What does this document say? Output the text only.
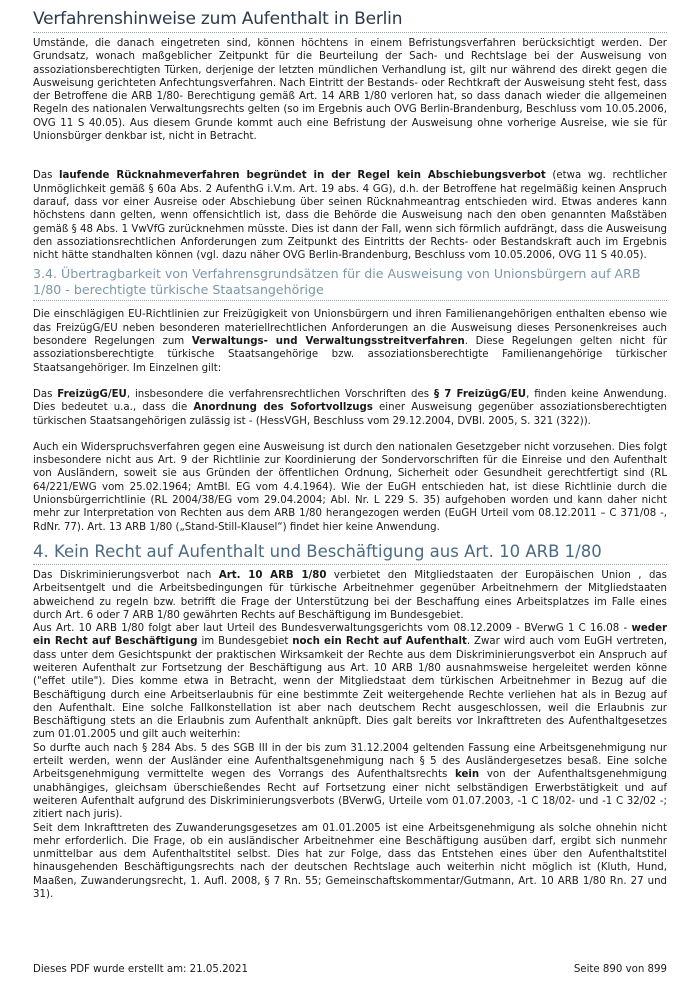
Verfahrenshinweise zum Aufenthalt in Berlin

Umstände, die danach eingetreten sind, können höchtens in einem Befristungsverfahren berücksichtigt werden. Der Grundsatz, wonach maßgeblicher Zeitpunkt für die Beurteilung der Sach- und Rechtslage bei der Ausweisung von assoziationsberechtigten Türken, derjenige der letzten mündlichen Verhandlung ist, gilt nur während des direkt gegen die Ausweisung gerichteten Anfechtungsverfahren. Nach Eintritt der Bestands- oder Rechtkraft der Ausweisung steht fest, dass der Betroffene die ARB 1/80- Berechtigung gemäß Art. 14 ARB 1/80 verloren hat, so dass danach wieder die allgemeinen Regeln des nationalen Verwaltungsrechts gelten (so im Ergebnis auch OVG Berlin-Brandenburg, Beschluss vom 10.05.2006, OVG 11 S 40.05). Aus diesem Grunde kommt auch eine Befristung der Ausweisung ohne vorherige Ausreise, wie sie für Unionsbürger denkbar ist, nicht in Betracht.

Das laufende Rücknahmeverfahren begründet in der Regel kein Abschiebungsverbot (etwa wg. rechtlicher Unmöglichkeit gemäß § 60a Abs. 2 AufenthG i.V.m. Art. 19 abs. 4 GG), d.h. der Betroffene hat regelmäßig keinen Anspruch darauf, dass vor einer Ausreise oder Abschiebung über seinen Rücknahmeantrag entschieden wird. Etwas anderes kann höchstens dann gelten, wenn offensichtlich ist, dass die Behörde die Ausweisung nach den oben genannten Maßstäben gemäß § 48 Abs. 1 VwVfG zurücknehmen müsste. Dies ist dann der Fall, wenn sich förmlich aufdrängt, dass die Ausweisung den assoziationsrechtlichen Anforderungen zum Zeitpunkt des Eintritts der Rechts- oder Bestandskraft auch im Ergebnis nicht hätte standhalten können (vgl. dazu näher OVG Berlin-Brandenburg, Beschluss vom 10.05.2006, OVG 11 S 40.05).

3.4. Übertragbarkeit von Verfahrensgrundsätzen für die Ausweisung von Unionsbürgern auf ARB 1/80 - berechtigte türkische Staatsangehörige

Die einschlägigen EU-Richtlinien zur Freizügigkeit von Unionsbürgern und ihren Familienangehörigen enthalten ebenso wie das FreizügG/EU neben besonderen materiellrechtlichen Anforderungen an die Ausweisung dieses Personenkreises auch besondere Regelungen zum Verwaltungs- und Verwaltungsstreitverfahren. Diese Regelungen gelten nicht für assoziationsberechtigte türkische Staatsangehörige bzw. assoziationsberechtigte Familienangehörige türkischer Staatsangehöriger. Im Einzelnen gilt:

Das FreizügG/EU, insbesondere die verfahrensrechtlichen Vorschriften des § 7 FreizügG/EU, finden keine Anwendung. Dies bedeutet u.a., dass die Anordnung des Sofortvollzugs einer Ausweisung gegenüber assoziationsberechtigten türkischen Staatsangehörigen zulässig ist - (HessVGH, Beschluss vom 29.12.2004, DVBl. 2005, S. 321 (322)).

Auch ein Widerspruchsverfahren gegen eine Ausweisung ist durch den nationalen Gesetzgeber nicht vorzusehen. Dies folgt insbesondere nicht aus Art. 9 der Richtlinie zur Koordinierung der Sondervorschriften für die Einreise und den Aufenthalt von Ausländern, soweit sie aus Gründen der öffentlichen Ordnung, Sicherheit oder Gesundheit gerechtfertigt sind (RL 64/221/EWG vom 25.02.1964; AmtBl. EG vom 4.4.1964). Wie der EuGH entschieden hat, ist diese Richtlinie durch die Unionsbürgerrichtlinie (RL 2004/38/EG vom 29.04.2004; Abl. Nr. L 229 S. 35) aufgehoben worden und kann daher nicht mehr zur Interpretation von Rechten aus dem ARB 1/80 herangezogen werden (EuGH Urteil vom 08.12.2011 – C 371/08 -, RdNr. 77). Art. 13 ARB 1/80 („Stand-Still-Klausel“) findet hier keine Anwendung.

4. Kein Recht auf Aufenthalt und Beschäftigung aus Art. 10 ARB 1/80

Das Diskriminierungsverbot nach Art. 10 ARB 1/80 verbietet den Mitgliedstaaten der Europäischen Union , das Arbeitsentgelt und die Arbeitsbedingungen für türkische Arbeitnehmer gegenüber Arbeitnehmern der Mitgliedstaaten abweichend zu regeln bzw. betrifft die Frage der Unterstützung bei der Beschaffung eines Arbeitsplatzes im Falle eines durch Art. 6 oder 7 ARB 1/80 gewährten Rechts auf Beschäftigung im Bundesgebiet.

Aus Art. 10 ARB 1/80 folgt aber laut Urteil des Bundesverwaltungsgerichts vom 08.12.2009 - BVerwG 1 C 16.08 - weder ein Recht auf Beschäftigung im Bundesgebiet noch ein Recht auf Aufenthalt. Zwar wird auch vom EuGH vertreten, dass unter dem Gesichtspunkt der praktischen Wirksamkeit der Rechte aus dem Diskriminierungsverbot ein Anspruch auf weiteren Aufenthalt zur Fortsetzung der Beschäftigung aus Art. 10 ARB 1/80 ausnahmsweise hergeleitet werden könne ("effet utile"). Dies komme etwa in Betracht, wenn der Mitgliedstaat dem türkischen Arbeitnehmer in Bezug auf die Beschäftigung durch eine Arbeitserlaubnis für eine bestimmte Zeit weitergehende Rechte verliehen hat als in Bezug auf den Aufenthalt. Eine solche Fallkonstellation ist aber nach deutschem Recht ausgeschlossen, weil die Erlaubnis zur Beschäftigung stets an die Erlaubnis zum Aufenthalt anknüpft. Dies galt bereits vor Inkrafttreten des Aufenthaltgesetzes zum 01.01.2005 und gilt auch weiterhin:

So durfte auch nach § 284 Abs. 5 des SGB III in der bis zum 31.12.2004 geltenden Fassung eine Arbeitsgenehmigung nur erteilt werden, wenn der Ausländer eine Aufenthaltsgenehmigung nach § 5 des Ausländergesetzes besaß. Eine solche Arbeitsgenehmigung vermittelte wegen des Vorrangs des Aufenthaltsrechts kein von der Aufenthaltsgenehmigung unabhängiges, gleichsam überschießendes Recht auf Fortsetzung einer nicht selbständigen Erwerbstätigkeit und auf weiteren Aufenthalt aufgrund des Diskriminierungsverbots (BVerwG, Urteile vom 01.07.2003, -1 C 18/02- und -1 C 32/02 -; zitiert nach juris).

Seit dem Inkrafttreten des Zuwanderungsgesetzes am 01.01.2005 ist eine Arbeitsgenehmigung als solche ohnehin nicht mehr erforderlich. Die Frage, ob ein ausländischer Arbeitnehmer eine Beschäftigung ausüben darf, ergibt sich nunmehr unmittelbar aus dem Aufenthaltstitel selbst. Dies hat zur Folge, dass das Entstehen eines über den Aufenthaltstitel hinausgehenden Beschäftigungsrechts nach der deutschen Rechtslage auch weiterhin nicht möglich ist (Kluth, Hund, Maaßen, Zuwanderungsrecht, 1. Aufl. 2008, § 7 Rn. 55; Gemeinschaftskommentar/Gutmann, Art. 10 ARB 1/80 Rn. 27 und 31).

Dieses PDF wurde erstellt am: 21.05.2021	Seite 890 von 899
